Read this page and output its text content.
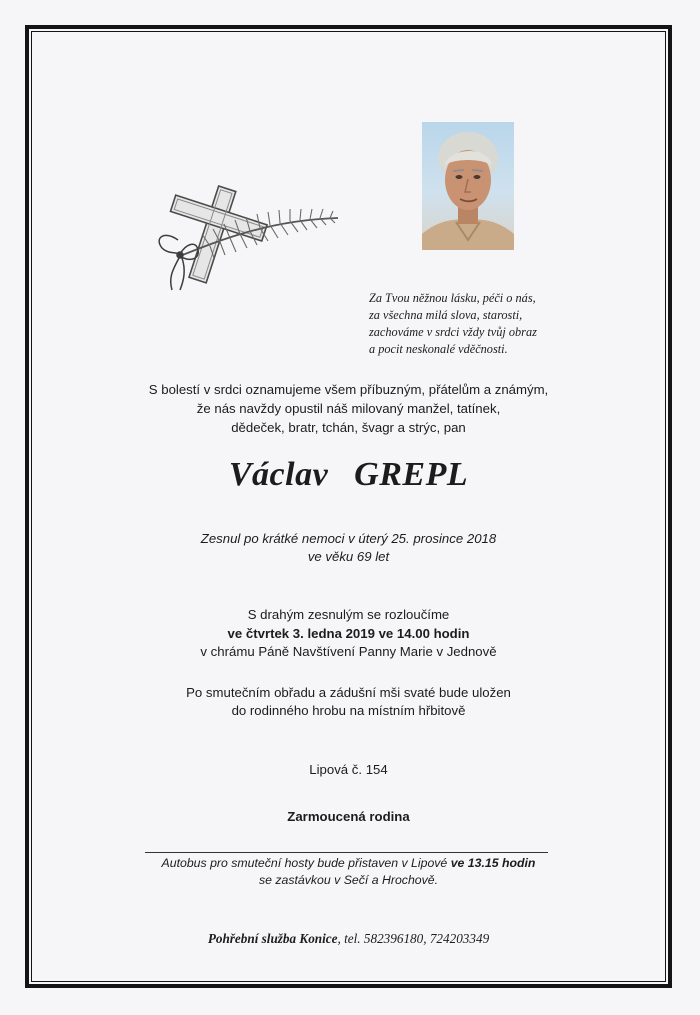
Za Tvou něžnou lásku, péči o nás,
za všechna milá slova, starosti,
zachováme v srdci vždy tvůj obraz
a pocit neskonalé vděčnosti.
S bolestí v srdci oznamujeme všem příbuzným, přátelům a známým,
že nás navždy opustil náš milovaný manžel, tatínek,
dědeček, bratr, tchán, švagr a strýc, pan
Václav  GREPL
Zesnul po krátké nemoci v úterý 25. prosince 2018
ve věku 69 let
S drahým zesnulým se rozloučíme
ve čtvrtek 3. ledna 2019 ve 14.00 hodin
v chrámu Páně Navštívení Panny Marie v Jednově
Po smutečním obřadu a zádušní mši svaté bude uložen
do rodinného hrobu na místním hřbitově
Lipová č. 154
Zarmoucená rodina
Autobus pro smuteční hosty bude přistaven v Lipové ve 13.15 hodin
se zastávkou v Sečí a Hrochově.
Pohřební služba Konice, tel. 582396180, 724203349
